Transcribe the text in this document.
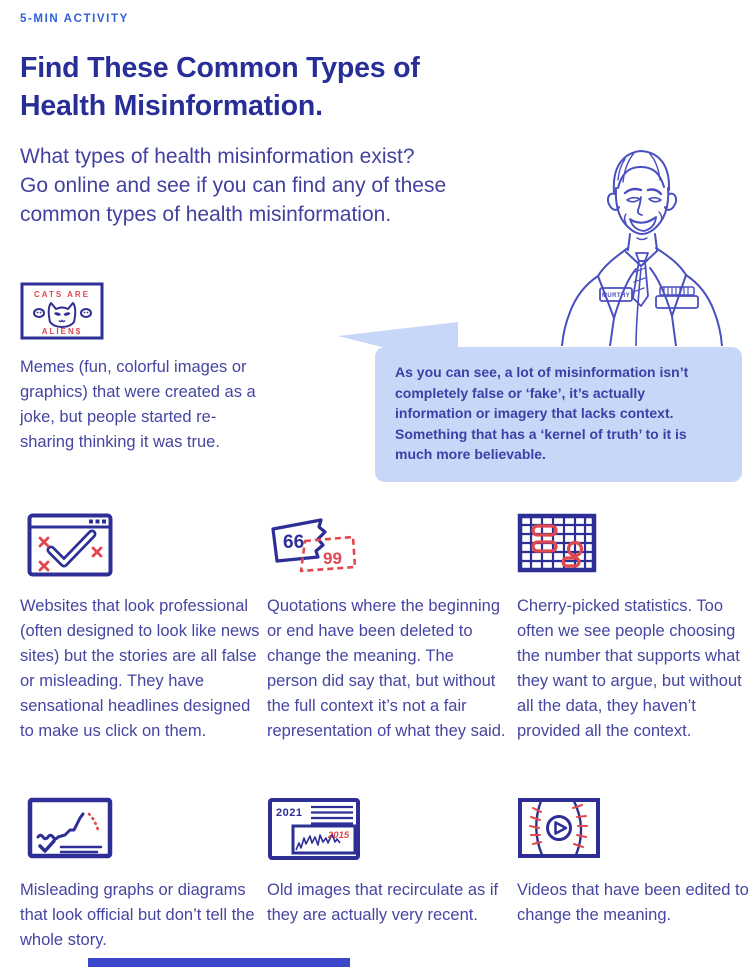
5-MIN ACTIVITY
Find These Common Types of
Health Misinformation.
What types of health misinformation exist?
Go online and see if you can find any of these
common types of health misinformation.
MURTHY

As you can see, a lot of misinformation isn’t completely false or ‘fake’, it’s actually information or imagery that lacks context. Something that has a ‘kernel of truth’ to it is much more believable.

CATS ARE
ALIEN$

Memes (fun, colorful images or graphics) that were created as a joke, but people started re-sharing thinking it was true.

Websites that look professional (often designed to look like news sites) but the stories are all false or misleading. They have sensational headlines designed to make us click on them.

66
99

Quotations where the beginning or end have been deleted to change the meaning. The person did say that, but without the full context it’s not a fair representation of what they said.

Cherry-picked statistics. Too often we see people choosing the number that supports what they want to argue, but without all the data, they haven’t provided all the context.

Misleading graphs or diagrams that look official but don’t tell the whole story.

2021
2015

Old images that recirculate as if they are actually very recent.

Videos that have been edited to change the meaning.
